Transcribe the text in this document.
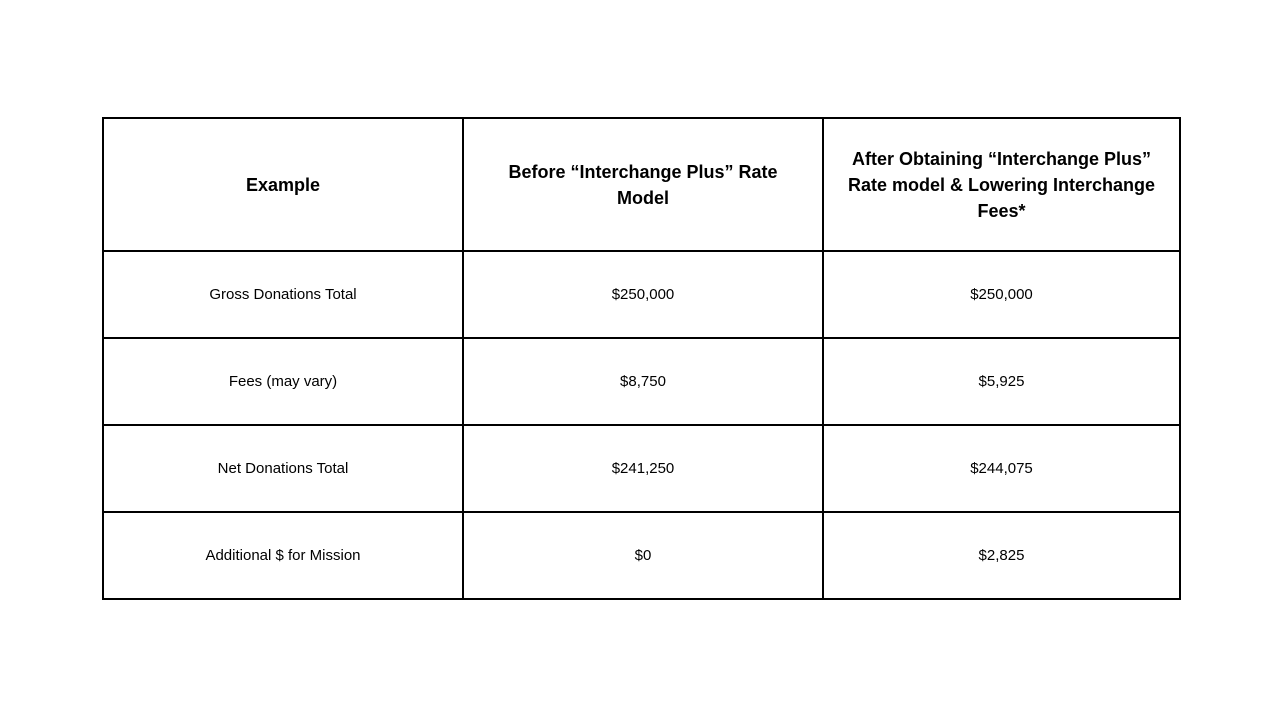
Example	Before “Interchange Plus” Rate Model	After Obtaining “Interchange Plus” Rate model & Lowering Interchange Fees*
Gross Donations Total	$250,000	$250,000
Fees (may vary)	$8,750	$5,925
Net Donations Total	$241,250	$244,075
Additional $ for Mission	$0	$2,825
